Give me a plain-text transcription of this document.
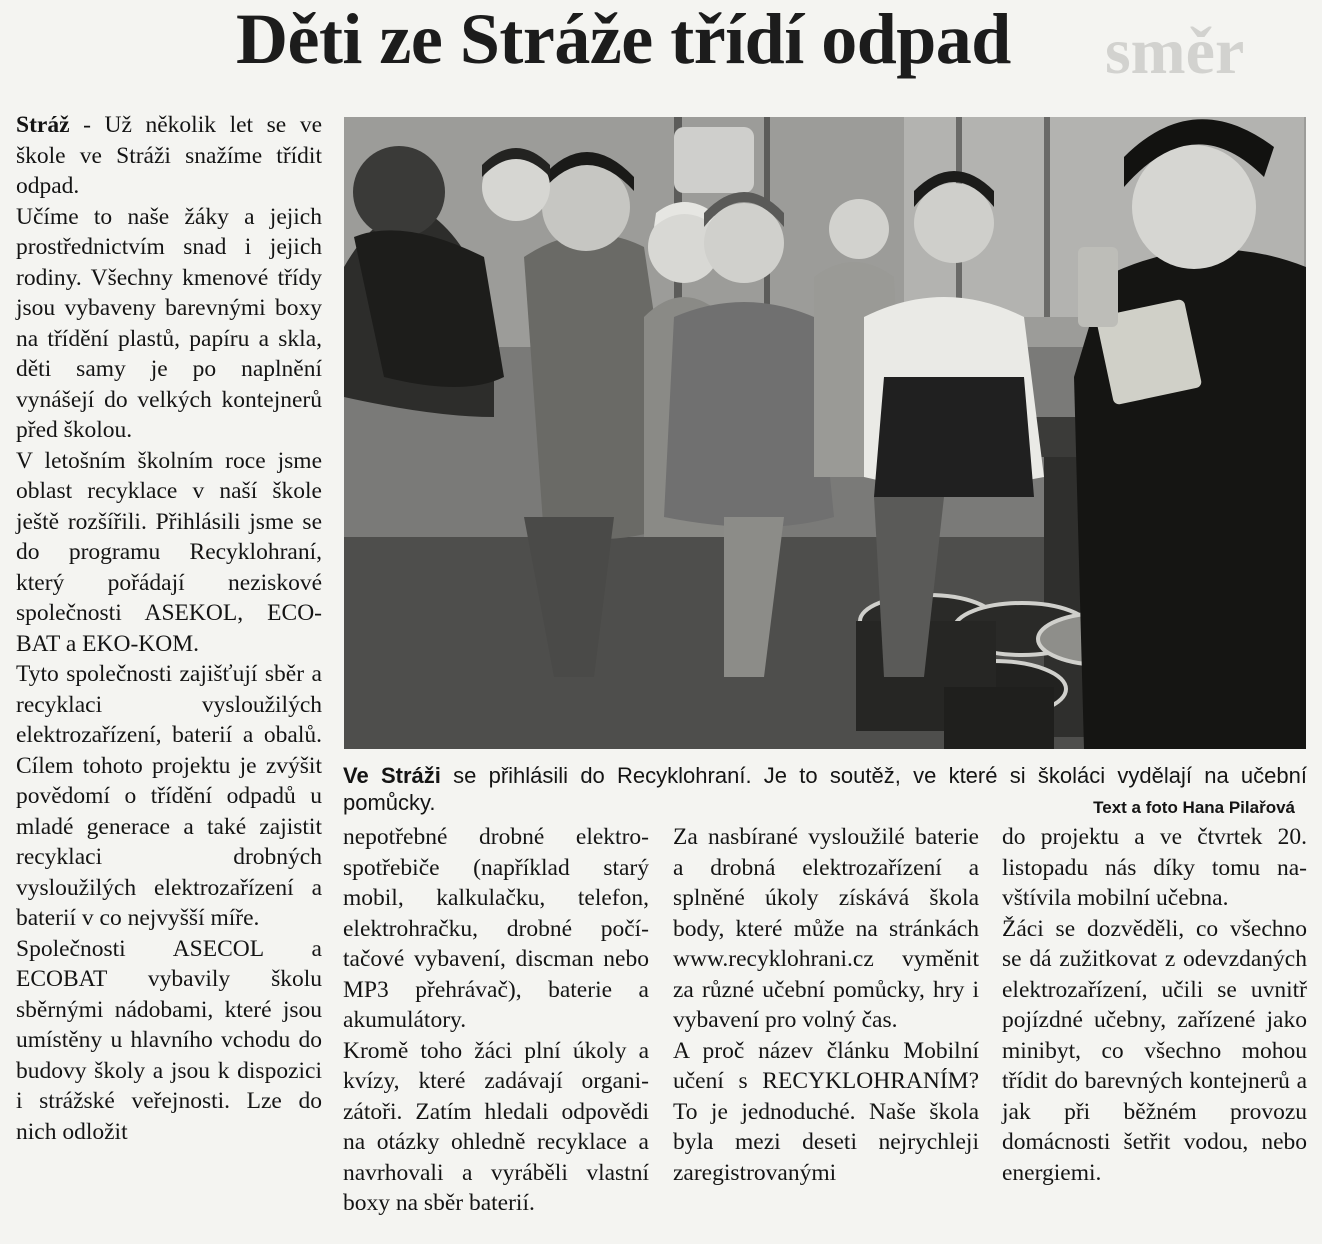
směr
Děti ze Stráže třídí odpad
Stráž - Už několik let se ve škole ve Stráži snažíme třídit odpad.
Učíme to naše žáky a jejich prostřednictvím snad i jejich rodiny. Všechny kmenové třídy jsou vybaveny barevnými boxy na třídění plastů, papíru a skla, děti samy je po naplnění vynášejí do velkých kontejnerů před školou.
V letošním školním roce jsme oblast recyklace v naší škole ještě rozšířili. Přihlásili jsme se do programu Recyklohraní, který pořádají neziskové společnosti ASEKOL, ECOBAT a EKO-KOM.
Tyto společnosti zajišťují sběr a recyklaci vysloužilých elektrozařízení, baterií a obalů. Cílem tohoto projektu je zvýšit povědomí o třídění odpadů u mladé generace a také zajistit recyklaci drobných vysloužilých elektrozařízení a baterií v co nejvyšší míře.
Společnosti ASECOL a ECOBAT vybavily školu sběrnými nádobami, které jsou umístěny u hlavního vchodu do budovy školy a jsou k dispozici i strážské veřejnosti. Lze do nich odložit

Ve Stráži se přihlásili do Recyklohraní. Je to soutěž, ve které si školáci vydělají na učební pomůcky.	Text a foto Hana Pilařová

nepotřebné drobné elektrospotřebiče (například starý mobil, kalkulačku, telefon, elektrohračku, drobné počítačové vybavení, discman nebo MP3 přehrávač), baterie a akumulátory.
Kromě toho žáci plní úkoly a kvízy, které zadávají organizátoři. Zatím hledali odpovědi na otázky ohledně recyklace a navrhovali a vyráběli vlastní boxy na sběr baterií.
Za nasbírané vysloužilé baterie a drobná elektrozařízení a splněné úkoly získává škola body, které může na stránkách www.recyklohrani.cz vyměnit za různé učební pomůcky, hry i vybavení pro volný čas.
A proč název článku Mobilní učení s RECYKLOHRANÍM? To je jednoduché. Naše škola byla mezi deseti nejrychleji zaregistrovanými
do projektu a ve čtvrtek 20. listopadu nás díky tomu navštívila mobilní učebna.
Žáci se dozvěděli, co všechno se dá zužitkovat z odevzdaných elektrozařízení, učili se uvnitř pojízdné učebny, zařízené jako minibyt, co všechno mohou třídit do barevných kontejnerů a jak při běžném provozu domácnosti šetřit vodou, nebo energiemi.
